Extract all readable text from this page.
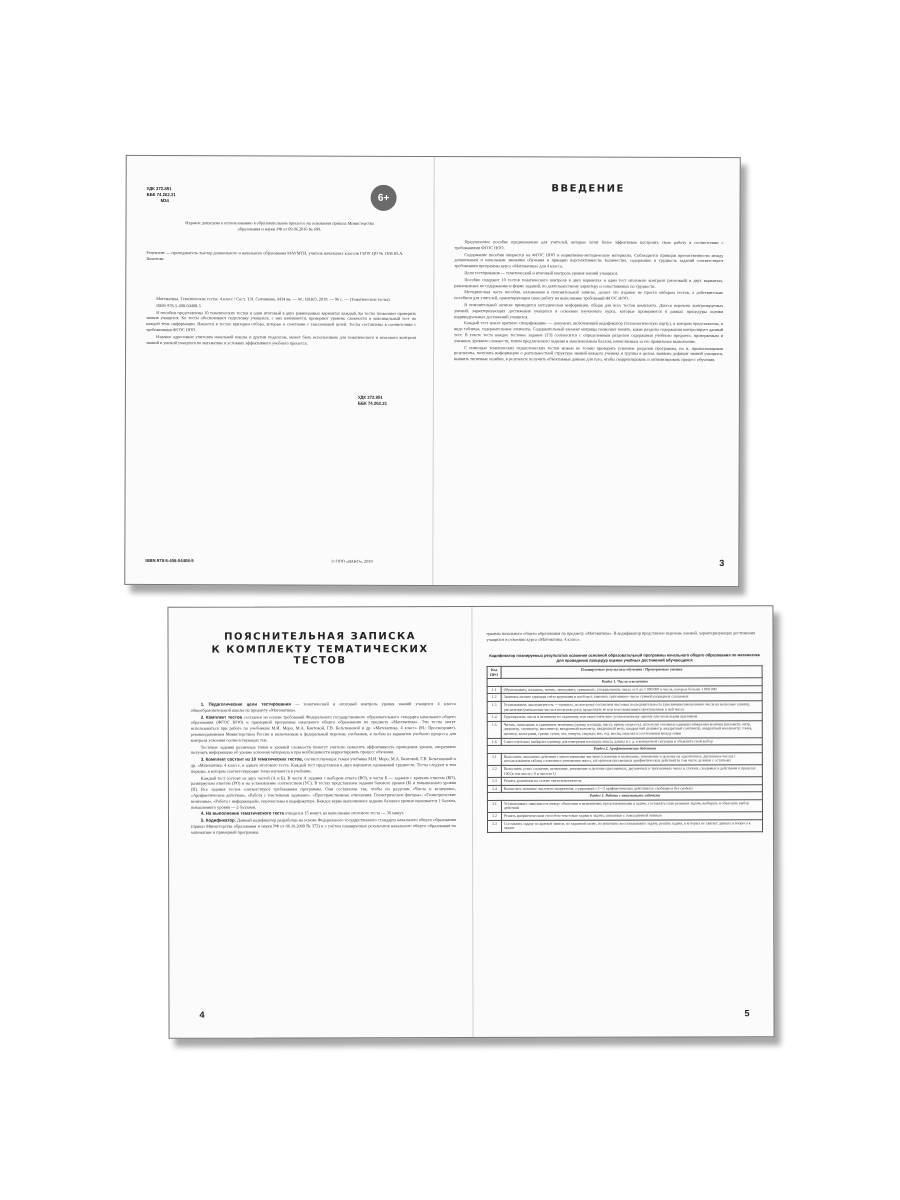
УДК 372.851
ББК 74.262.21
М34	6+
Издание допущено к использованию в образовательном процессе на основании приказа Министерства образования и науки РФ от 09.06.2016 № 699.
Рецензент — преподаватель-тьютор дошкольного и начального образования МАУМТИ, учитель начальных классов ГБОУ ЦО № 1306 Ю.А. Вахитова.
Математика. Тематические тесты: 4 класс / Сост. Т.Н. Ситникова. М34 вв. — М.: ВАКО, 2019. — 96 с. — (Тематические тесты).
ISBN 978-5-408-04408-5
В пособии представлены 10 тематических тестов и один итоговый в двух равноценных вариантах каждый. Ко тесты позволяют проверить знания учащихся. Ко тесты обеспечивают подготовку учащихся, с них начинаются, проверяют уровень сложности и максимальный тест по каждой теме информации. Имеются в тестах критерии отбора, которые в сочетании с таксономией целей. Тесты составлены в соответствии с требованиями ФГОС НОО.
Издание адресовано учителям начальной школы и другим педагогам, может быть использовано для тематического и итогового контроля знаний и умений учащихся по математике в условиях эффективного учебного процесса.
УДК 372.851
ББК 74.262.21
ISBN 978-5-408-04408-5	© ООО «ВАКО», 2019
ВВЕДЕНИЕ
Предлагаемое пособие предназначено для учителей, которые хотят более эффективно построить свою работу в соответствии с требованиями ФГОС НОО.
Содержание пособия опирается на ФГОС НОО и нормативно-методические материалы. Соблюдается принцип преемственности между дошкольным и начальным звеньями обучения и принцип перспективности. Количество, содержание и трудность заданий соответствуют требованиям программы курса «Математика» для 4 класса.
Цели тестирования — тематический и итоговый контроль уровня знаний учащихся.
Пособие содержит 10 тестов тематического контроля в двух вариантах и один тест итогового контроля (итоговый) в двух вариантах, равноценных по содержанию и форме заданий, по деятельностному характеру и сопоставимых по трудности.
Методическая часть пособия, изложенная в пояснительной записке, делает это издание не просто набором тестов, а действительно пособием для учителей, ориентирующим свою работу на выполнение требований ФГОС НОО.
В пояснительной записке приводится методическая информация, общая для всех тестов комплекта. Дается перечень контролируемых умений, характеризующих достижения учащихся в освоении изучаемого курса, которые проверяются в рамках процедуры оценки индивидуальных достижений учащихся.
Каждый тест имеет краткую спецификацию — документ, включающий кодификатор (технологическую карту), в котором представлены, в виде таблицы, содержательные элементы. Содержательный элемент матрицы позволяет понять, какие разделы содержания контролирует данный тест. В тексте теста каждое тестовое задание (ТЗ) соотносится с определенным разделом содержания учебного предмета, проверяемым и умением, уровнем сложности, типом предлагаемого задания и максимальным баллом, начисляемым за его правильное выполнение.
С помощью тематических педагогических тестов можно не только проверить усвоение разделов программы, но и, проанализировав результаты, получить информацию о деятельностной структуре знаний каждого ученика и группы в целом, выявить дефицит знаний учащихся, выявить типичные ошибки, в результате получить объективные данные для того, чтобы скорректировать и оптимизировать процесс обучения.
3
ПОЯСНИТЕЛЬНАЯ ЗАПИСКА
К КОМПЛЕКТУ ТЕМАТИЧЕСКИХ ТЕСТОВ
1. Педагогические цели тестирования — тематический и итоговый контроль уровня знаний учащихся 4 класса общеобразовательной школы по предмету «Математика».
2. Комплект тестов составлен на основе требований Федерального государственного образовательного стандарта начального общего образования (ФГОС НОО) и примерной программы начального общего образования по предмету «Математика». Эти тесты могут использоваться при работе по учебникам М.И. Моро, М.А. Бантовой, Г.В. Бельтюковой и др. «Математика. 4 класс» (М.: Просвещение), рекомендованным Министерством России и включенным в федеральный перечень учебников, в любом из вариантов учебного процесса для контроля усвоения соответствующих тем.
Тестовые задания различных типов и уровней сложности помогут учителю повысить эффективность проведения уроков, оперативно получить информацию об уровне усвоения материала и при необходимости корректировать процесс обучения.
3. Комплект состоит из 10 тематических тестов, соответствующих темам учебника М.И. Моро, М.А. Бантовой, Г.В. Бельтюковой и др. «Математика. 4 класс», и одного итогового теста. Каждый тест представлен в двух вариантах одинаковой трудности. Тесты следуют в том порядке, в котором соответствующие темы изучаются в учебнике.
Каждый тест состоит из двух частей (А и Б). В части А задания с выбором ответа (ВО), в части Б — задания с кратким ответом (КО), развёрнутым ответом (РО) и на установление соответствия (УС). В тестах представлены задания базового уровня (Б) и повышенного уровня (П). Все задания тестов соответствуют требованиям программы. Они составлены так, чтобы по разделам «Числа и величины», «Арифметические действия», «Работа с текстовыми задачами», «Пространственные отношения. Геометрические фигуры», «Геометрические величины», «Работа с информацией», перечислены в кодификаторе. Каждое верно выполненное задание базового уровня оценивается 1 баллом, повышенного уровня — 2 баллами.
4. На выполнение тематического теста отводится 15 минут, на выполнение итогового теста — 30 минут.
5. Кодификатор. Данный кодификатор разработан на основе Федерального государственного стандарта начального общего образования (приказ Министерства образования и науки РФ от 06.10.2009 № 373) и с учётом планируемых результатов начального общего образования по математике и примерной программы.
4
граммы начального общего образования по предмету «Математика». В кодификатор представлен перечень умений, характеризующих достижения учащихся в освоении курса «Математика. 4 класс».
Кодификатор планируемых результатов освоения основной образовательной программы начального общего образования по математике для проведения процедур оценки учебных достижений обучающихся
Код ПРО	Планируемые результаты обучения / Проверяемые умения
Раздел 1. Числа и величины	
1.1	Образовывать, называть, читать, записывать, сравнивать, упорядочивать числа от 0 до 1 000 000 и числа, которые больше 1 000 000
1.2	Заменять мелкие единицы счёта крупными и наоборот, заменять трёхзначное число суммой разрядных слагаемых
1.3	Устанавливать закономерность — правило, по которому составлена числовая последовательность (увеличение/уменьшение числа на несколько единиц, увеличение/уменьшение числа в несколько раз); продолжать её или восстанавливать пропущенные в ней числа
1.4	Группировать числа и величины по заданному или самостоятельно установленному одному или нескольким признакам
1.5	Читать, записывать и сравнивать величины (длину, площадь, массу, время, скорость), используя основные единицы измерения величин (километр, метр, дециметр, сантиметр, миллиметр; квадратный километр, квадратный метр, квадратный дециметр, квадратный сантиметр, квадратный миллиметр; тонна, центнер, килограмм, грамм; сутки, час, минута, секунда; век, год, месяц, неделя) и соотношения между ними
1.6	Самостоятельно выбирать единицу для измерения площади, массы, длины и т. д. в конкретной ситуации и объяснять свой выбор
Раздел 2. Арифметические действия	
2.1	Выполнять письменно действия с многозначными числами (сложение и вычитание, умножение и деление на однозначное, двузначное числа) с использованием таблиц сложения и умножения чисел, алгоритмов письменных арифметических действий (в том числе деления с остатком)
2.2	Выполнять устно сложение, вычитание, умножение и деление однозначных, двузначных и трёхзначных чисел в случаях, сводимых к действиям в пределах 100 (в том числе с 0 и числом 1)
2.3	Решать уравнения на основе связи компонентов
2.4	Вычислять значение числового выражения, содержащего 2—3 арифметических действия (со скобками и без скобок)
Раздел 3. Работа с текстовыми задачами	
3.1	Устанавливать зависимость между объектами и величинами, представленными в задаче, составлять план решения задачи, выбирать и объяснять выбор действий
3.2	Решать арифметическим способом текстовые задачи в задачи, связанные с повседневной жизнью
3.3	Составлять задачу по краткой записи, по заданной схеме, по решению; восстанавливать задачу, решать задачи, в которых не хватает данных и вопроса к задаче
5
